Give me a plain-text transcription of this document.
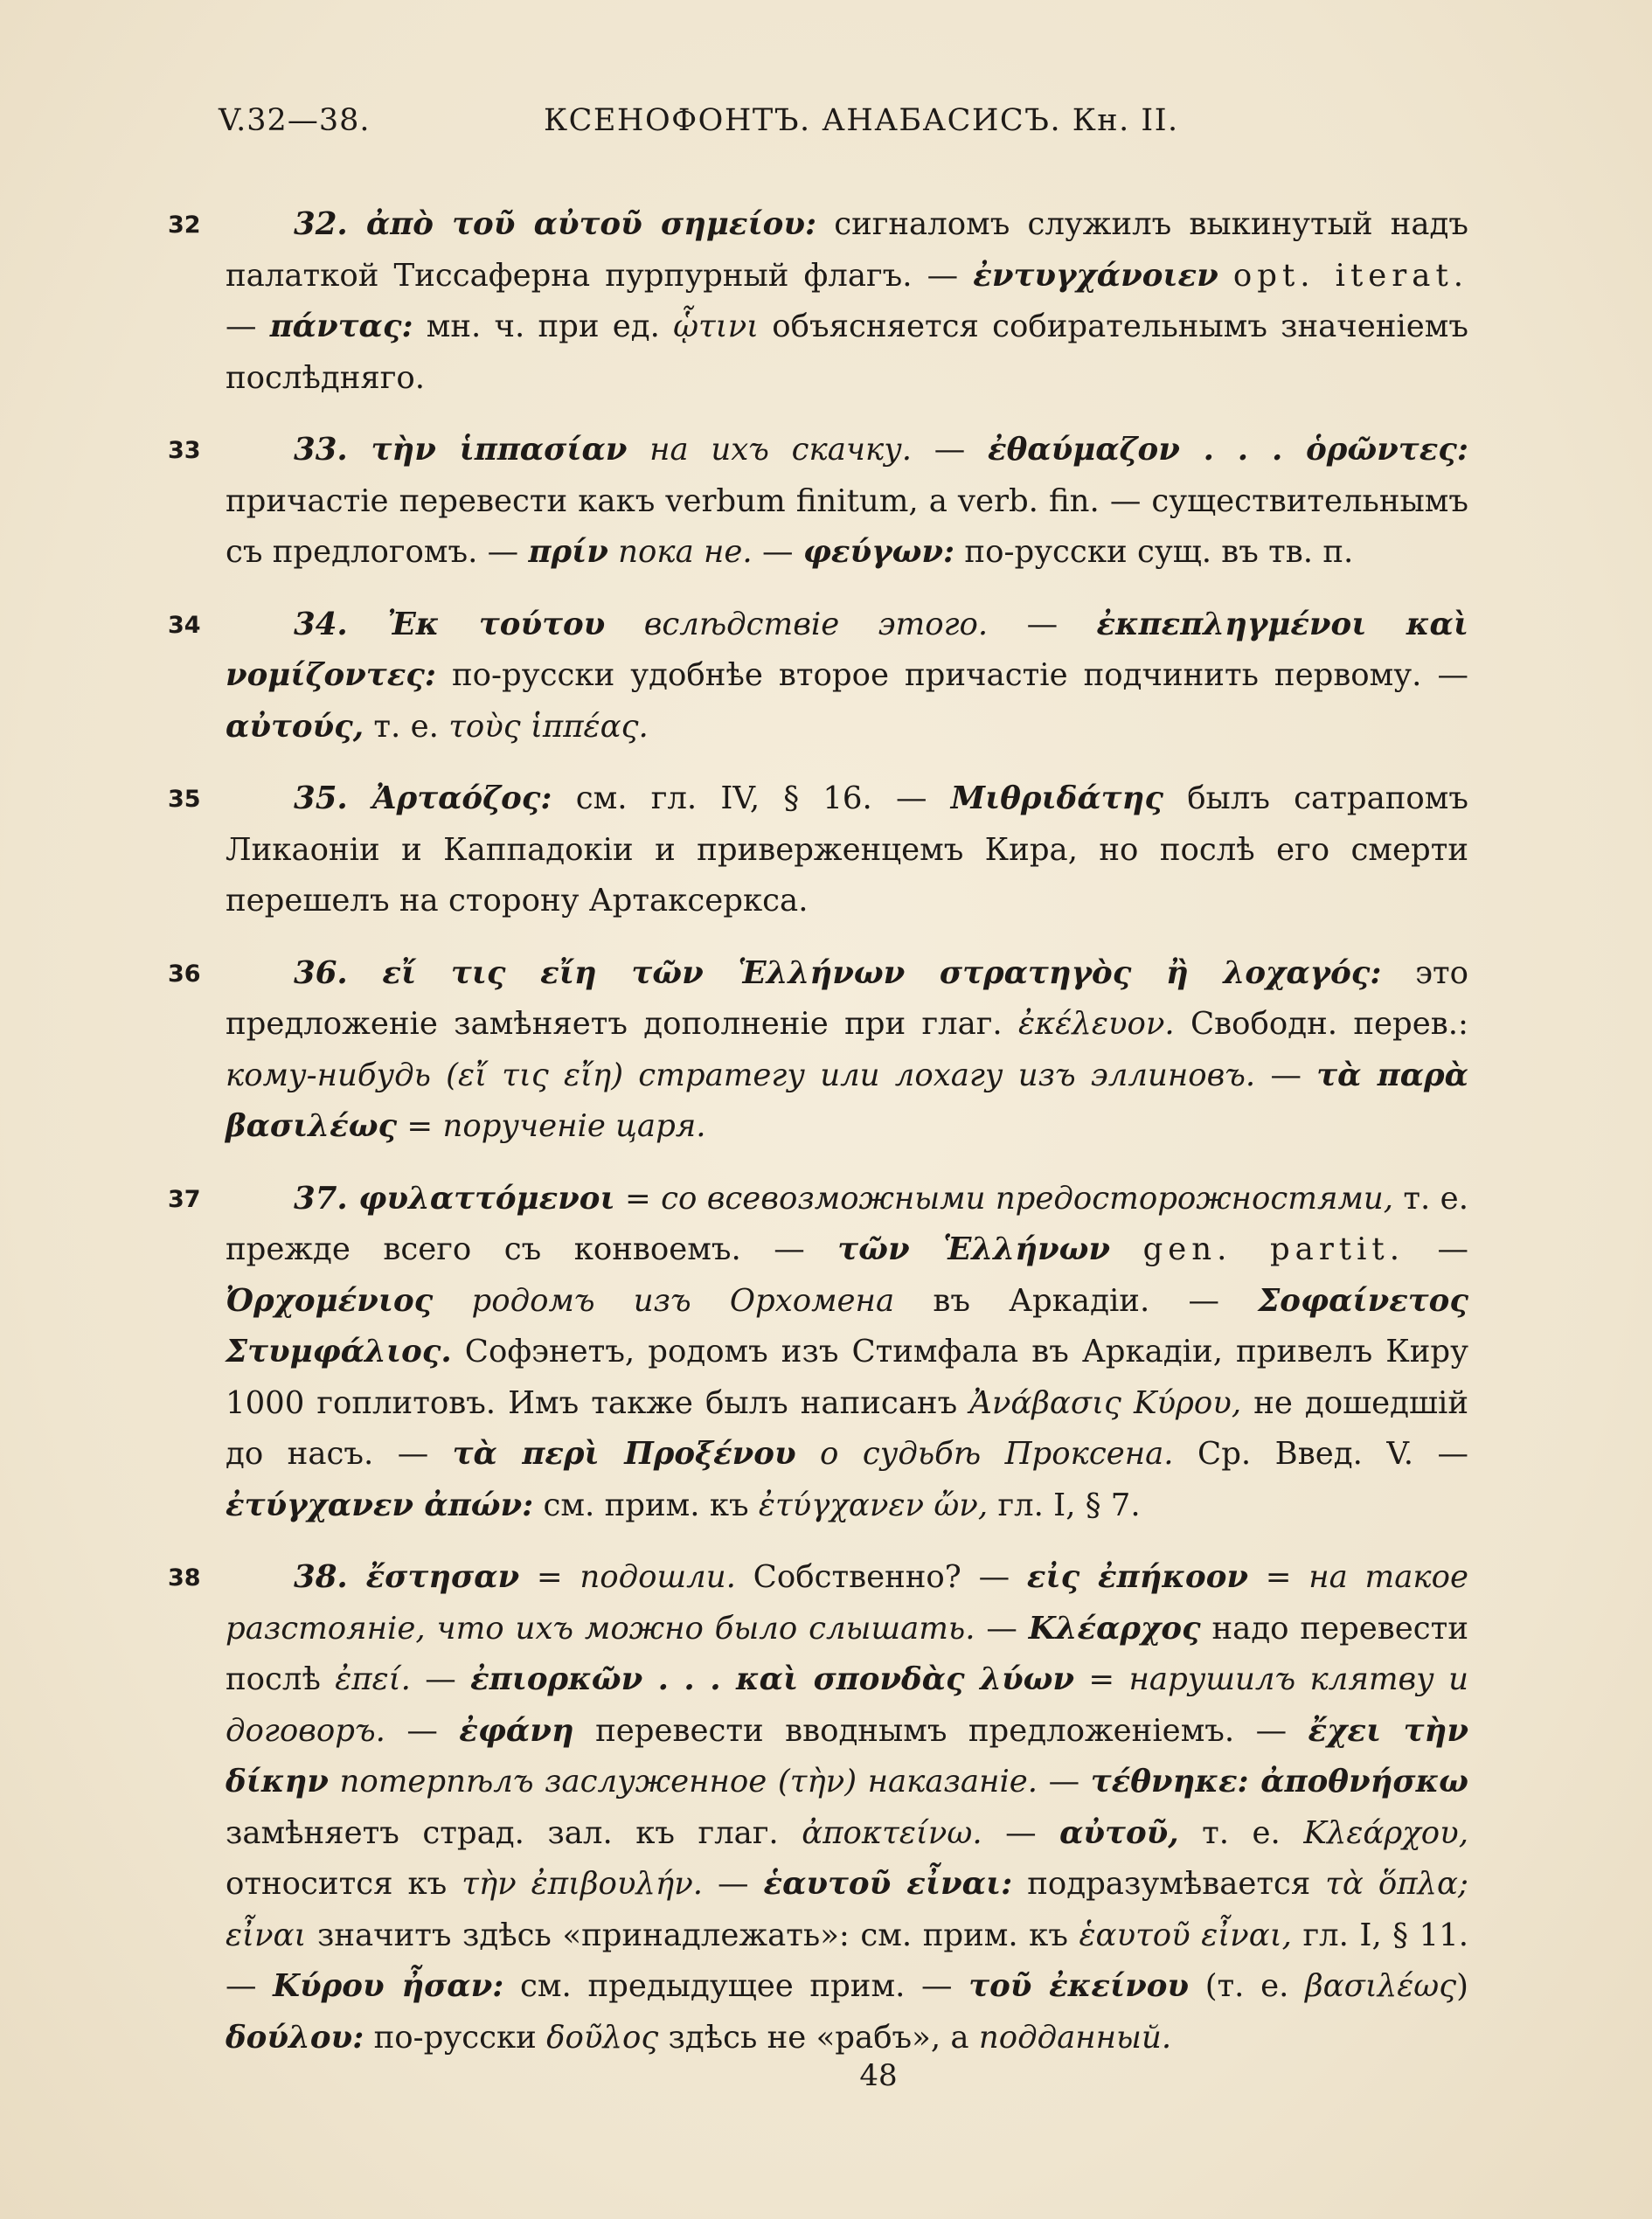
V.32—38.	КСЕНОФОНТЪ. АНАБАСИСЪ. Кн. II.
32	32. ἀπὸ τοῦ αὐτοῦ σημείου: сигналомъ служилъ выкинутый надъ палаткой Тиссаферна пурпурный флагъ. — ἐντυγχάνοιεν opt. iterat. — πάντας: мн. ч. при ед. ᾧτινι объясняется собирательнымъ значеніемъ послѣдняго.
33	33. τὴν ἱππασίαν на ихъ скачку. — ἐθαύμαζον . . . ὁρῶντες: причастіе перевести какъ verbum finitum, a verb. fin. — существительнымъ съ предлогомъ. — πρίν пока не. — φεύγων: по-русски сущ. въ тв. п.
34	34. Ἐκ τούτου вслѣдствіе этого. — ἐκπεπληγμένοι καὶ νομίζοντες: по-русски удобнѣе второе причастіе подчинить первому. — αὐτούς, т. е. τοὺς ἱππέας.
35	35. Ἀρταόζος: см. гл. IV, § 16. — Μιθριδάτης былъ сатрапомъ Ликаоніи и Каппадокіи и приверженцемъ Кира, но послѣ его смерти перешелъ на сторону Артаксеркса.
36	36. εἴ τις εἴη τῶν Ἑλλήνων στρατηγὸς ἢ λοχαγός: это предложеніе замѣняетъ дополненіе при глаг. ἐκέλευον. Свободн. перев.: кому-нибудь (εἴ τις εἴη) стратегу или лохагу изъ эллиновъ. — τὰ παρὰ βασιλέως = порученіе царя.
37	37. φυλαττόμενοι = со всевозможными предосторожностями, т. е. прежде всего съ конвоемъ. — τῶν Ἑλλήνων gen. partit. — Ὀρχομένιος родомъ изъ Орхомена въ Аркадіи. — Σοφαίνετος Στυμφάλιος. Софэнетъ, родомъ изъ Стимфала въ Аркадіи, привелъ Киру 1000 гоплитовъ. Имъ также былъ написанъ Ἀνάβασις Κύρου, не дошедшій до насъ. — τὰ περὶ Προξένου о судьбѣ Проксена. Ср. Введ. V. — ἐτύγχανεν ἀπών: см. прим. къ ἐτύγχανεν ὤν, гл. I, § 7.
38	38. ἔστησαν = подошли. Собственно? — εἰς ἐπήκοον = на такое разстояніе, что ихъ можно было слышать. — Κλέαρχος надо перевести послѣ ἐπεί. — ἐπιορκῶν . . . καὶ σπονδὰς λύων = нарушилъ клятву и договоръ. — ἐφάνη перевести вводнымъ предложеніемъ. — ἔχει τὴν δίκην потерпѣлъ заслуженное (τὴν) наказаніе. — τέθνηκε: ἀποθνήσκω замѣняетъ страд. зал. къ глаг. ἀποκτείνω. — αὐτοῦ, т. е. Κλεάρχου, относится къ τὴν ἐπιβουλήν. — ἑαυτοῦ εἶναι: подразумѣвается τὰ ὅπλα; εἶναι значитъ здѣсь «принадлежать»: см. прим. къ ἑαυτοῦ εἶναι, гл. I, § 11. — Κύρου ἦσαν: см. предыдущее прим. — τοῦ ἐκείνου (т. е. βασιλέως) δούλου: по-русски δοῦλος здѣсь не «рабъ», а подданный.
48
